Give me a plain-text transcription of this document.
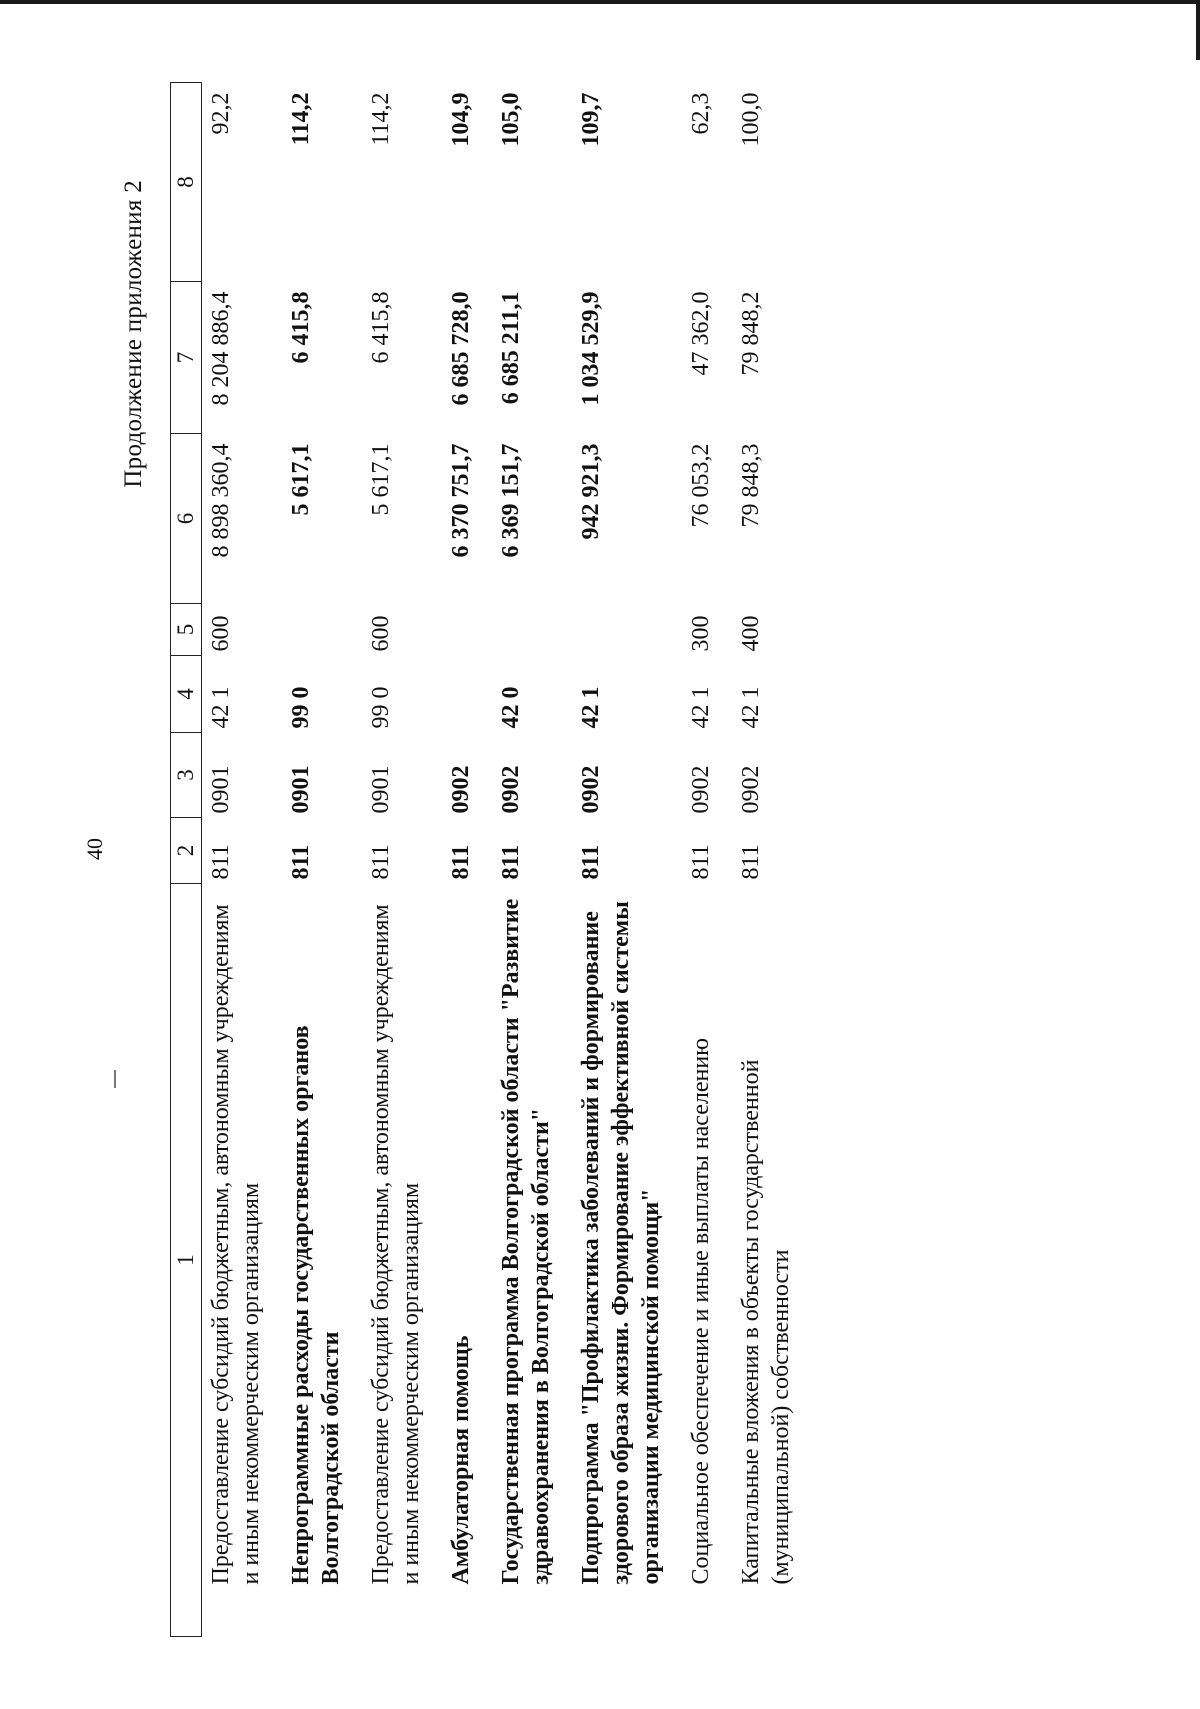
40
Продолжение приложения 2
1	2	3	4	5	6	7	8
Предоставление субсидий бюджетным, автономным учреждениям и иным некоммерческим организациям	811	0901	42 1	600	8 898 360,4	8 204 886,4	92,2
Непрограммные расходы государственных органов Волгоградской области	811	0901	99 0		5 617,1	6 415,8	114,2
Предоставление субсидий бюджетным, автономным учреждениям и иным некоммерческим организациям	811	0901	99 0	600	5 617,1	6 415,8	114,2
Амбулаторная помощь	811	0902			6 370 751,7	6 685 728,0	104,9
Государственная программа Волгоградской области "Развитие здравоохранения в Волгоградской области"	811	0902	42 0		6 369 151,7	6 685 211,1	105,0
Подпрограмма "Профилактика заболеваний и формирование здорового образа жизни. Формирование эффективной системы организации медицинской помощи"	811	0902	42 1		942 921,3	1 034 529,9	109,7
Социальное обеспечение и иные выплаты населению	811	0902	42 1	300	76 053,2	47 362,0	62,3
Капитальные вложения в объекты государственной (муниципальной) собственности	811	0902	42 1	400	79 848,3	79 848,2	100,0
